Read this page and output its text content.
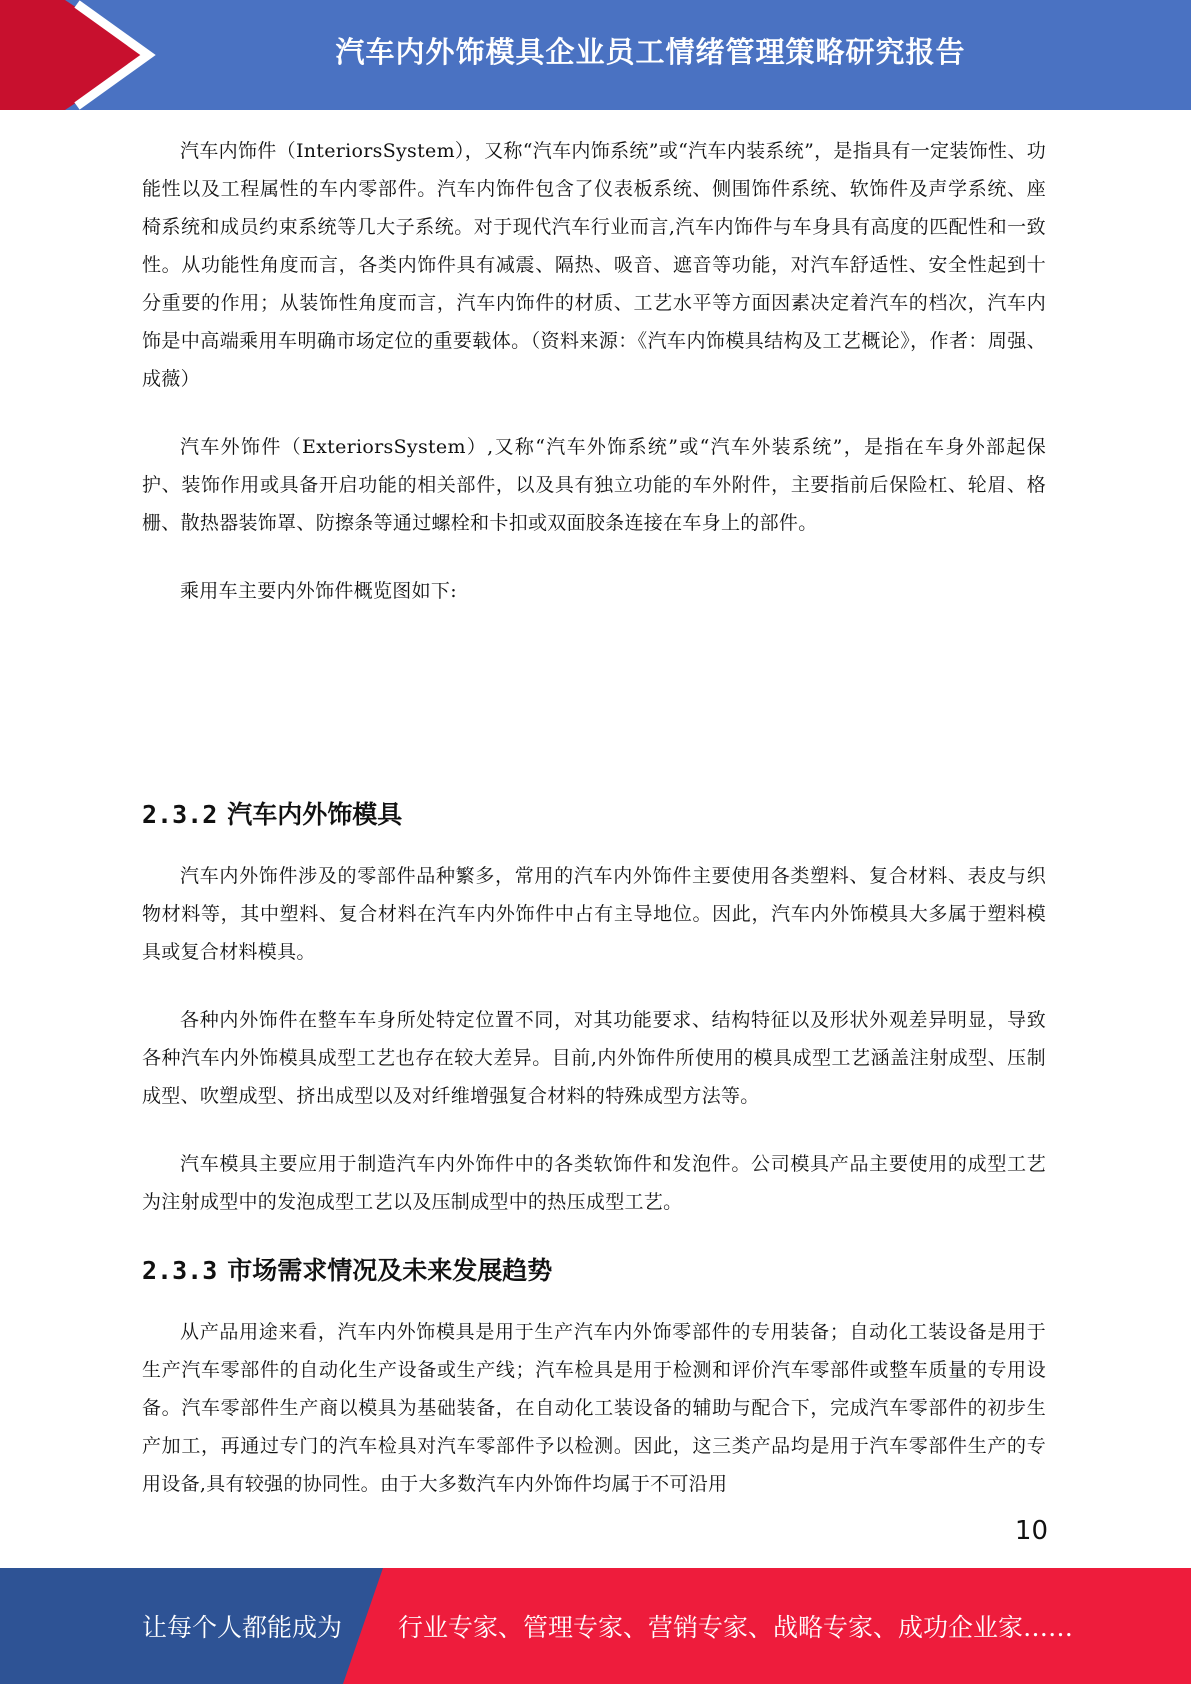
汽车内外饰模具企业员工情绪管理策略研究报告

汽车内饰件（InteriorsSystem），又称“汽车内饰系统”或“汽车内装系统”，是指具有一定装饰性、功能性以及工程属性的车内零部件。汽车内饰件包含了仪表板系统、侧围饰件系统、软饰件及声学系统、座椅系统和成员约束系统等几大子系统。对于现代汽车行业而言,汽车内饰件与车身具有高度的匹配性和一致性。从功能性角度而言，各类内饰件具有减震、隔热、吸音、遮音等功能，对汽车舒适性、安全性起到十分重要的作用；从装饰性角度而言，汽车内饰件的材质、工艺水平等方面因素决定着汽车的档次，汽车内饰是中高端乘用车明确市场定位的重要载体。（资料来源：《汽车内饰模具结构及工艺概论》，作者：周强、成薇）

汽车外饰件（ExteriorsSystem）,又称“汽车外饰系统”或“汽车外装系统”，是指在车身外部起保护、装饰作用或具备开启功能的相关部件，以及具有独立功能的车外附件，主要指前后保险杠、轮眉、格栅、散热器装饰罩、防擦条等通过螺栓和卡扣或双面胶条连接在车身上的部件。

乘用车主要内外饰件概览图如下:

2.3.2 汽车内外饰模具

汽车内外饰件涉及的零部件品种繁多，常用的汽车内外饰件主要使用各类塑料、复合材料、表皮与织物材料等，其中塑料、复合材料在汽车内外饰件中占有主导地位。因此，汽车内外饰模具大多属于塑料模具或复合材料模具。

各种内外饰件在整车车身所处特定位置不同，对其功能要求、结构特征以及形状外观差异明显，导致各种汽车内外饰模具成型工艺也存在较大差异。目前,内外饰件所使用的模具成型工艺涵盖注射成型、压制成型、吹塑成型、挤出成型以及对纤维增强复合材料的特殊成型方法等。

汽车模具主要应用于制造汽车内外饰件中的各类软饰件和发泡件。公司模具产品主要使用的成型工艺为注射成型中的发泡成型工艺以及压制成型中的热压成型工艺。

2.3.3 市场需求情况及未来发展趋势

从产品用途来看，汽车内外饰模具是用于生产汽车内外饰零部件的专用装备；自动化工装设备是用于生产汽车零部件的自动化生产设备或生产线；汽车检具是用于检测和评价汽车零部件或整车质量的专用设备。汽车零部件生产商以模具为基础装备，在自动化工装设备的辅助与配合下，完成汽车零部件的初步生产加工，再通过专门的汽车检具对汽车零部件予以检测。因此，这三类产品均是用于汽车零部件生产的专用设备,具有较强的协同性。由于大多数汽车内外饰件均属于不可沿用

10
让每个人都能成为 行业专家、管理专家、营销专家、战略专家、成功企业家……
